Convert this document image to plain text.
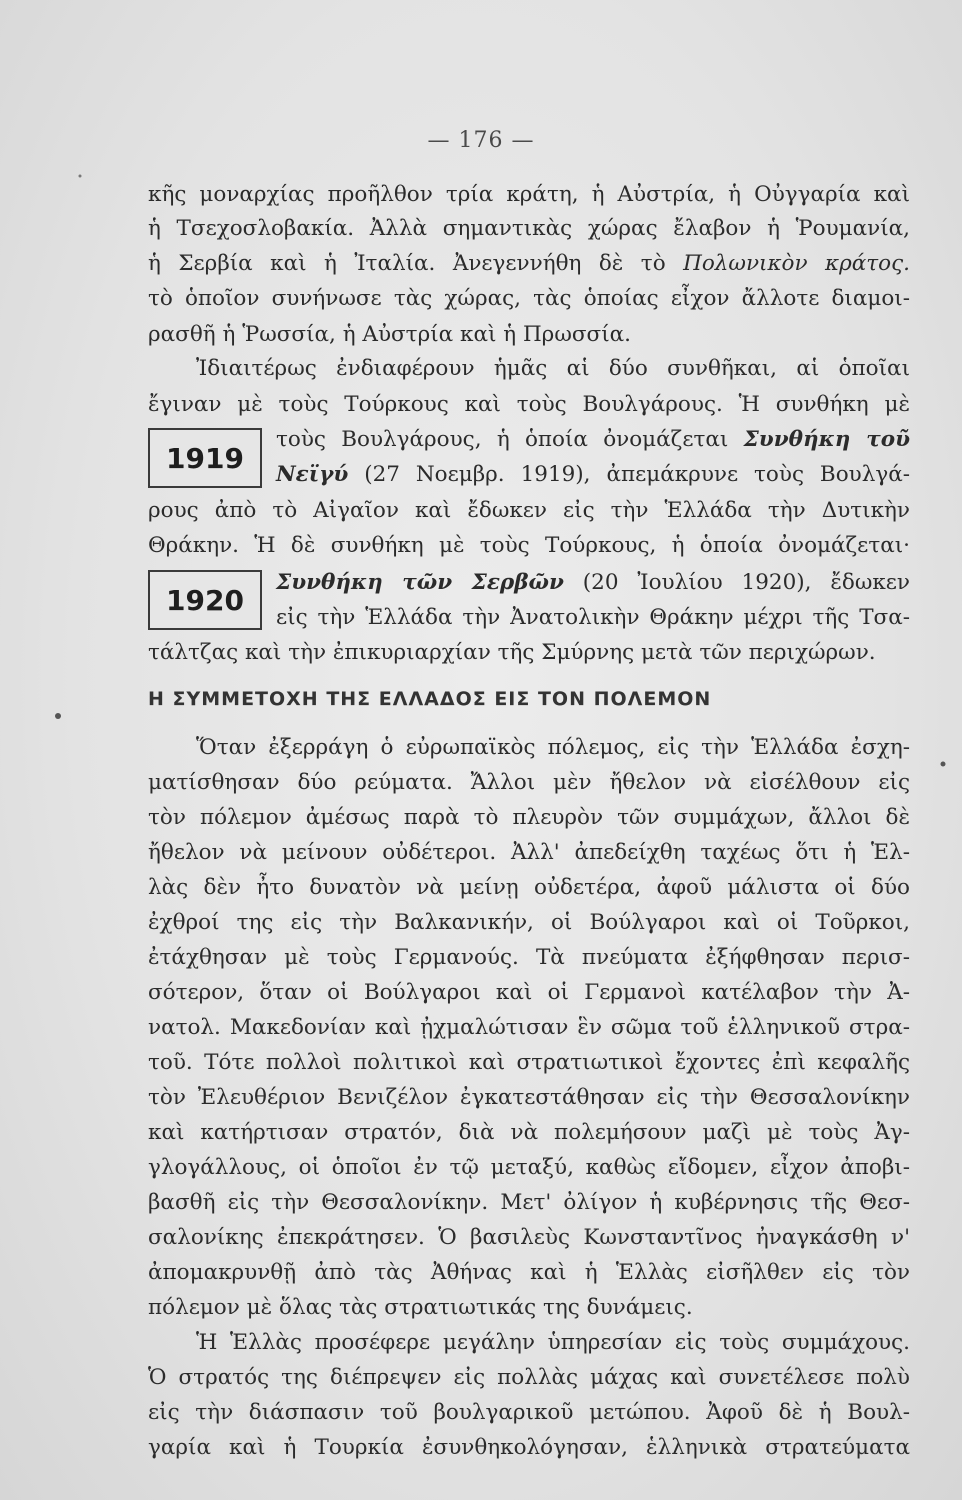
— 176 —
κῆς μοναρχίας προῆλθον τρία κράτη, ἡ Αὐστρία, ἡ Οὐγγαρία καὶ
ἡ Τσεχοσλοβακία. Ἀλλὰ σημαντικὰς χώρας ἔλαβον ἡ Ῥουμανία,
ἡ Σερβία καὶ ἡ Ἰταλία. Ἀνεγεννήθη δὲ τὸ Πολωνικὸν κράτος.
τὸ ὁποῖον συνήνωσε τὰς χώρας, τὰς ὁποίας εἶχον ἄλλοτε διαμοι-
ρασθῆ ἡ Ῥωσσία, ἡ Αὐστρία καὶ ἡ Πρωσσία.
Ἰδιαιτέρως ἐνδιαφέρουν ἡμᾶς αἱ δύο συνθῆκαι, αἱ ὁποῖαι
ἔγιναν μὲ τοὺς Τούρκους καὶ τοὺς Βουλγάρους. Ἡ συνθήκη μὲ
1919
τοὺς Βουλγάρους, ἡ ὁποία ὀνομάζεται Συνθήκη τοῦ
Νεϊγύ (27 Νοεμβρ. 1919), ἀπεμάκρυνε τοὺς Βουλγά-
ρους ἀπὸ τὸ Αἰγαῖον καὶ ἔδωκεν εἰς τὴν Ἑλλάδα τὴν Δυτικὴν
Θράκην. Ἡ δὲ συνθήκη μὲ τοὺς Τούρκους, ἡ ὁποία ὀνομάζεται·
1920
Συνθήκη τῶν Σερβῶν (20 Ἰουλίου 1920), ἔδωκεν
εἰς τὴν Ἑλλάδα τὴν Ἀνατολικὴν Θράκην μέχρι τῆς Τσα-
τάλτζας καὶ τὴν ἐπικυριαρχίαν τῆς Σμύρνης μετὰ τῶν περιχώρων.
Η ΣΥΜΜΕΤΟΧΗ ΤΗΣ ΕΛΛΑΔΟΣ ΕΙΣ ΤΟΝ ΠΟΛΕΜΟΝ
Ὅταν ἐξερράγη ὁ εὐρωπαϊκὸς πόλεμος, εἰς τὴν Ἑλλάδα ἐσχη-
ματίσθησαν δύο ρεύματα. Ἄλλοι μὲν ἤθελον νὰ εἰσέλθουν εἰς
τὸν πόλεμον ἀμέσως παρὰ τὸ πλευρὸν τῶν συμμάχων, ἄλλοι δὲ
ἤθελον νὰ μείνουν οὐδέτεροι. Ἀλλ' ἀπεδείχθη ταχέως ὅτι ἡ Ἑλ-
λὰς δὲν ἦτο δυνατὸν νὰ μείνῃ οὐδετέρα, ἀφοῦ μάλιστα οἱ δύο
ἐχθροί της εἰς τὴν Βαλκανικήν, οἱ Βούλγαροι καὶ οἱ Τοῦρκοι,
ἐτάχθησαν μὲ τοὺς Γερμανούς. Τὰ πνεύματα ἐξήφθησαν περισ-
σότερον, ὅταν οἱ Βούλγαροι καὶ οἱ Γερμανοὶ κατέλαβον τὴν Ἀ-
νατολ. Μακεδονίαν καὶ ᾐχμαλώτισαν ἓν σῶμα τοῦ ἑλληνικοῦ στρα-
τοῦ. Τότε πολλοὶ πολιτικοὶ καὶ στρατιωτικοὶ ἔχοντες ἐπὶ κεφαλῆς
τὸν Ἐλευθέριον Βενιζέλον ἐγκατεστάθησαν εἰς τὴν Θεσσαλονίκην
καὶ κατήρτισαν στρατόν, διὰ νὰ πολεμήσουν μαζὶ μὲ τοὺς Ἀγ-
γλογάλλους, οἱ ὁποῖοι ἐν τῷ μεταξύ, καθὼς εἴδομεν, εἶχον ἀποβι-
βασθῆ εἰς τὴν Θεσσαλονίκην. Μετ' ὀλίγον ἡ κυβέρνησις τῆς Θεσ-
σαλονίκης ἐπεκράτησεν. Ὁ βασιλεὺς Κωνσταντῖνος ἠναγκάσθη ν'
ἀπομακρυνθῇ ἀπὸ τὰς Ἀθήνας καὶ ἡ Ἑλλὰς εἰσῆλθεν εἰς τὸν
πόλεμον μὲ ὅλας τὰς στρατιωτικάς της δυνάμεις.
Ἡ Ἑλλὰς προσέφερε μεγάλην ὑπηρεσίαν εἰς τοὺς συμμάχους.
Ὁ στρατός της διέπρεψεν εἰς πολλὰς μάχας καὶ συνετέλεσε πολὺ
εἰς τὴν διάσπασιν τοῦ βουλγαρικοῦ μετώπου. Ἀφοῦ δὲ ἡ Βουλ-
γαρία καὶ ἡ Τουρκία ἐσυνθηκολόγησαν, ἑλληνικὰ στρατεύματα
